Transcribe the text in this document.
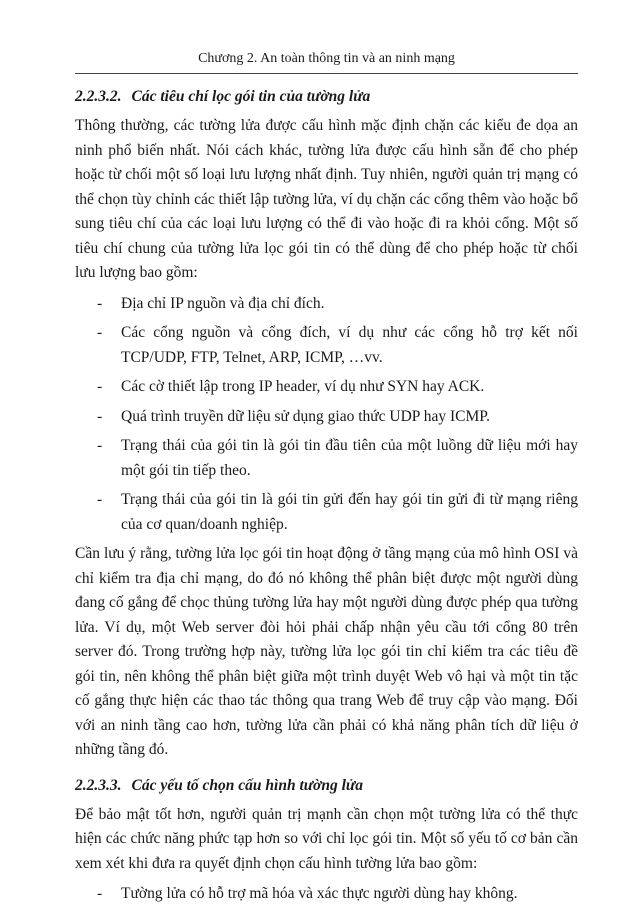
Chương 2. An toàn thông tin và an ninh mạng
2.2.3.2. Các tiêu chí lọc gói tin của tường lửa

Thông thường, các tường lửa được cấu hình mặc định chặn các kiểu đe dọa an ninh phổ biến nhất. Nói cách khác, tường lửa được cấu hình sẵn để cho phép hoặc từ chối một số loại lưu lượng nhất định. Tuy nhiên, người quản trị mạng có thể chọn tùy chỉnh các thiết lập tường lửa, ví dụ chặn các cổng thêm vào hoặc bổ sung tiêu chí của các loại lưu lượng có thể đi vào hoặc đi ra khỏi cổng. Một số tiêu chí chung của tường lửa lọc gói tin có thể dùng để cho phép hoặc từ chối lưu lượng bao gồm:

- Địa chỉ IP nguồn và địa chỉ đích.
- Các cổng nguồn và cổng đích, ví dụ như các cổng hỗ trợ kết nối TCP/UDP, FTP, Telnet, ARP, ICMP, …vv.
- Các cờ thiết lập trong IP header, ví dụ như SYN hay ACK.
- Quá trình truyền dữ liệu sử dụng giao thức UDP hay ICMP.
- Trạng thái của gói tin là gói tin đầu tiên của một luồng dữ liệu mới hay một gói tin tiếp theo.
- Trạng thái của gói tin là gói tin gửi đến hay gói tin gửi đi từ mạng riêng của cơ quan/doanh nghiệp.

Cần lưu ý rằng, tường lửa lọc gói tin hoạt động ở tầng mạng của mô hình OSI và chỉ kiểm tra địa chỉ mạng, do đó nó không thể phân biệt được một người dùng đang cố gắng để chọc thủng tường lửa hay một người dùng được phép qua tường lửa. Ví dụ, một Web server đòi hỏi phải chấp nhận yêu cầu tới cổng 80 trên server đó. Trong trường hợp này, tường lửa lọc gói tin chỉ kiểm tra các tiêu đề gói tin, nên không thể phân biệt giữa một trình duyệt Web vô hại và một tin tặc cố gắng thực hiện các thao tác thông qua trang Web để truy cập vào mạng. Đối với an ninh tầng cao hơn, tường lửa cần phải có khả năng phân tích dữ liệu ở những tầng đó.

2.2.3.3. Các yếu tố chọn cấu hình tường lửa

Để bảo mật tốt hơn, người quản trị mạnh cần chọn một tường lửa có thể thực hiện các chức năng phức tạp hơn so với chỉ lọc gói tin. Một số yếu tố cơ bản cần xem xét khi đưa ra quyết định chọn cấu hình tường lửa bao gồm:

- Tường lửa có hỗ trợ mã hóa và xác thực người dùng hay không.
